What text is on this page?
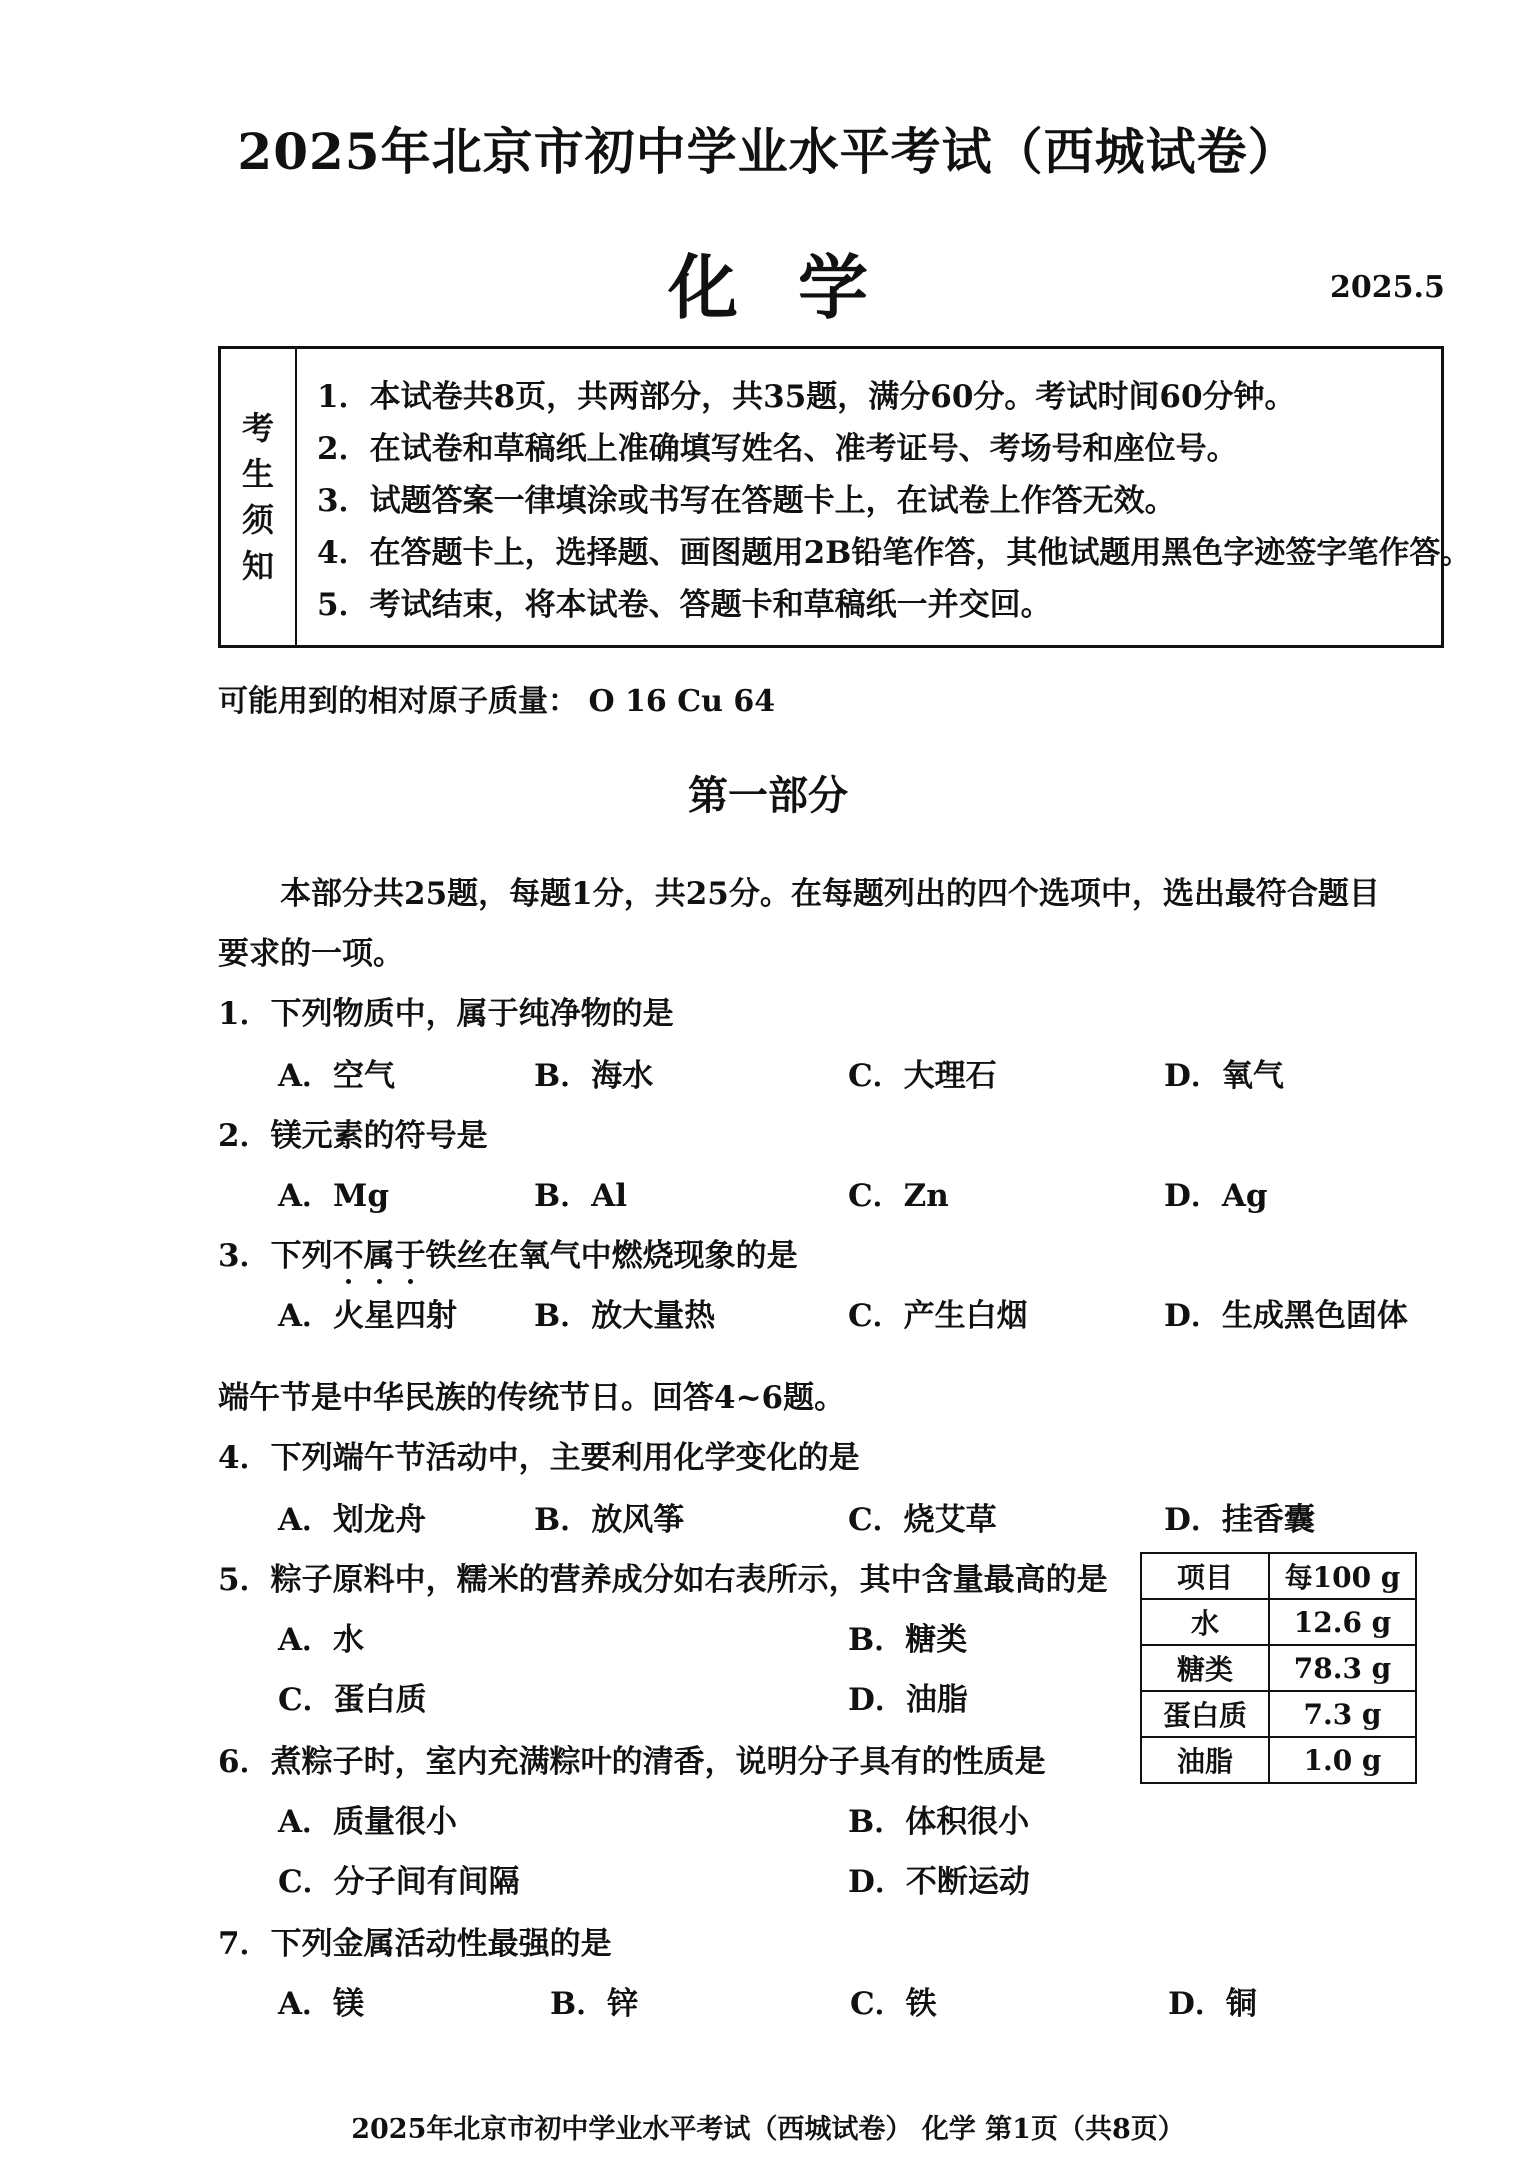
2025年北京市初中学业水平考试（西城试卷）
化学	2025.5
考
生
须
知
1．本试卷共8页，共两部分，共35题，满分60分。考试时间60分钟。
2．在试卷和草稿纸上准确填写姓名、准考证号、考场号和座位号。
3．试题答案一律填涂或书写在答题卡上，在试卷上作答无效。
4．在答题卡上，选择题、画图题用2B铅笔作答，其他试题用黑色字迹签字笔作答。
5．考试结束，将本试卷、答题卡和草稿纸一并交回。
可能用到的相对原子质量： O 16 Cu 64
第一部分
本部分共25题，每题1分，共25分。在每题列出的四个选项中，选出最符合题目
要求的一项。
1．下列物质中，属于纯净物的是
A．空气	B．海水	C．大理石	D．氧气
2．镁元素的符号是
A．Mg	B．Al	C．Zn	D．Ag
3．下列不属于铁丝在氧气中燃烧现象的是
A．火星四射 B．放大量热	C．产生白烟	D．生成黑色固体
端午节是中华民族的传统节日。回答4~6题。
4．下列端午节活动中，主要利用化学变化的是
A．划龙舟	B．放风筝	C．烧艾草	D．挂香囊
5．粽子原料中，糯米的营养成分如右表所示，其中含量最高的是
A．水	B．糖类
C．蛋白质	D．油脂
项目	每100 g
水	12.6 g
糖类	78.3 g
蛋白质	7.3 g
油脂	1.0 g
6．煮粽子时，室内充满粽叶的清香，说明分子具有的性质是
A．质量很小	B．体积很小
C．分子间有间隔	D．不断运动
7．下列金属活动性最强的是
A．镁	B．锌	C．铁	D．铜
2025年北京市初中学业水平考试（西城试卷） 化学 第1页（共8页）
